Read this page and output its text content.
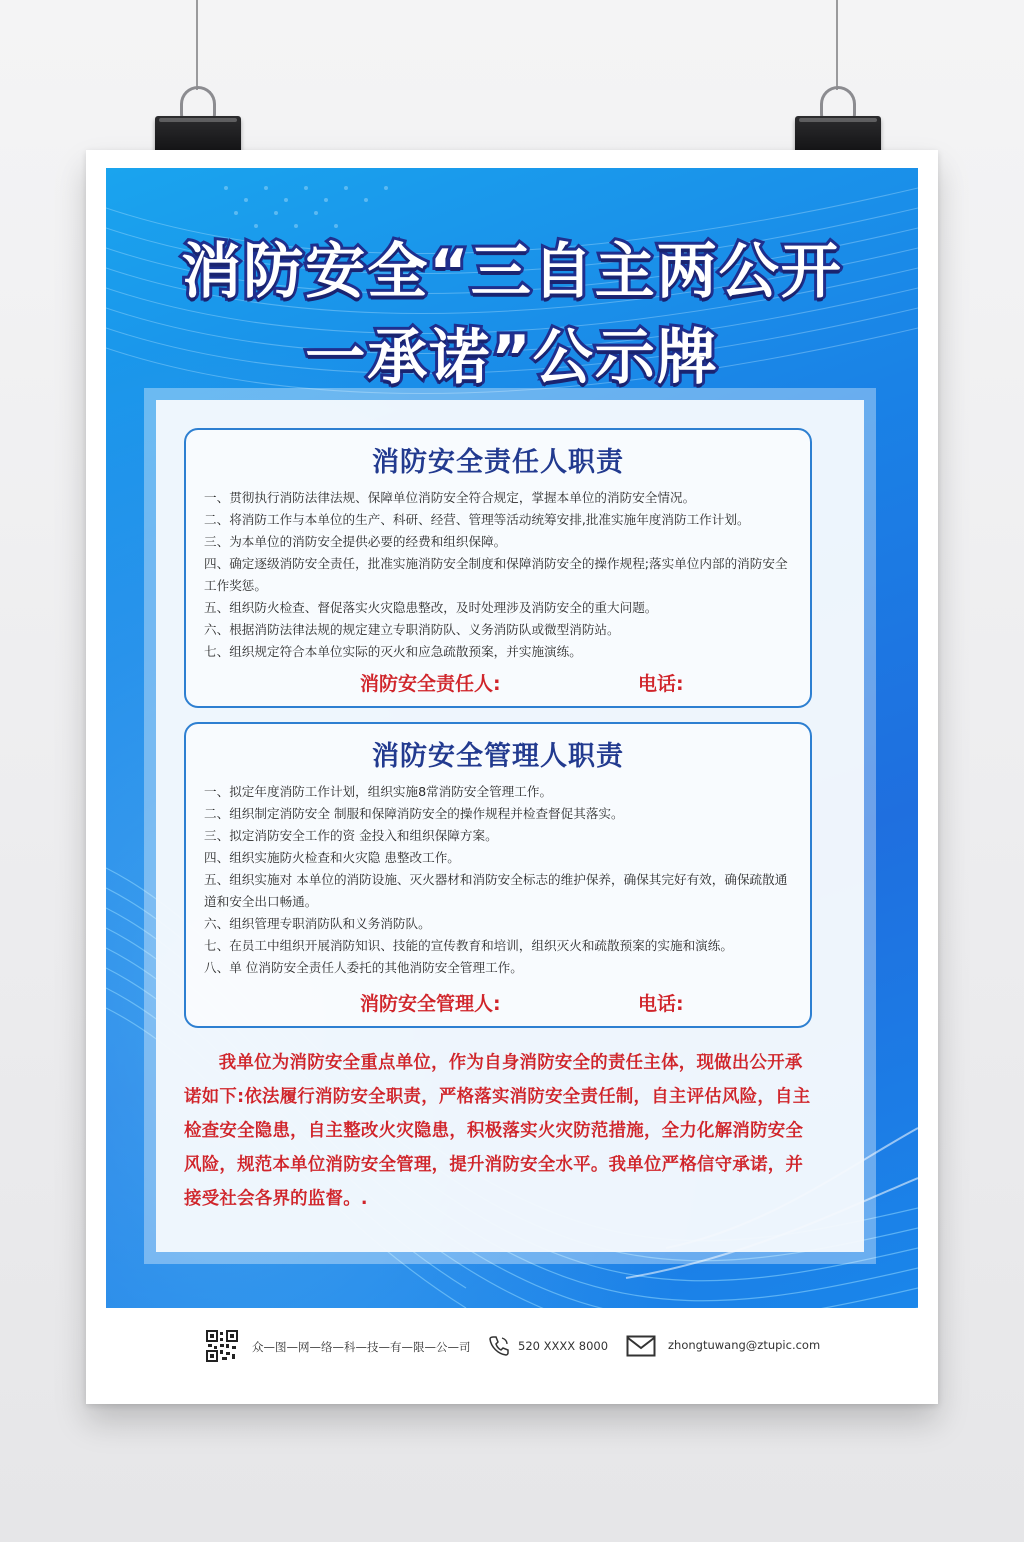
消防安全“三自主两公开
一承诺”公示牌
消防安全责任人职责
一、贯彻执行消防法律法规、保障单位消防安全符合规定，掌握本单位的消防安全情况。
二、将消防工作与本单位的生产、科研、经营、管理等活动统筹安排,批准实施年度消防工作计划。
三、为本单位的消防安全提供必要的经费和组织保障。
四、确定逐级消防安全责任，批准实施消防安全制度和保障消防安全的操作规程;落实单位内部的消防安全工作奖惩。
五、组织防火检查、督促落实火灾隐患整改，及时处理涉及消防安全的重大问题。
六、根据消防法律法规的规定建立专职消防队、义务消防队或微型消防站。
七、组织规定符合本单位实际的灭火和应急疏散预案，并实施演练。
消防安全责任人:	电话:
消防安全管理人职责
一、拟定年度消防工作计划，组织实施8常消防安全管理工作。
二、组织制定消防安全 制服和保障消防安全的操作规程并检查督促其落实。
三、拟定消防安全工作的资 金投入和组织保障方案。
四、组织实施防火检查和火灾隐 患整改工作。
五、组织实施对 本单位的消防设施、灭火器材和消防安全标志的维护保养，确保其完好有效，确保疏散通道和安全出口畅通。
六、组织管理专职消防队和义务消防队。
七、在员工中组织开展消防知识、技能的宣传教育和培训，组织灭火和疏散预案的实施和演练。
八、单 位消防安全责任人委托的其他消防安全管理工作。
消防安全管理人:	电话:
我单位为消防安全重点单位，作为自身消防安全的责任主体，现做出公开承诺如下:依法履行消防安全职责，严格落实消防安全责任制，自主评估风险，自主检查安全隐患，自主整改火灾隐患，积极落实火灾防范措施，全力化解消防安全风险，规范本单位消防安全管理，提升消防安全水平。我单位严格信守承诺，并接受社会各界的监督。.
众—图—网—络—科—技—有—限—公—司	520 XXXX 8000	zhongtuwang@ztupic.com
